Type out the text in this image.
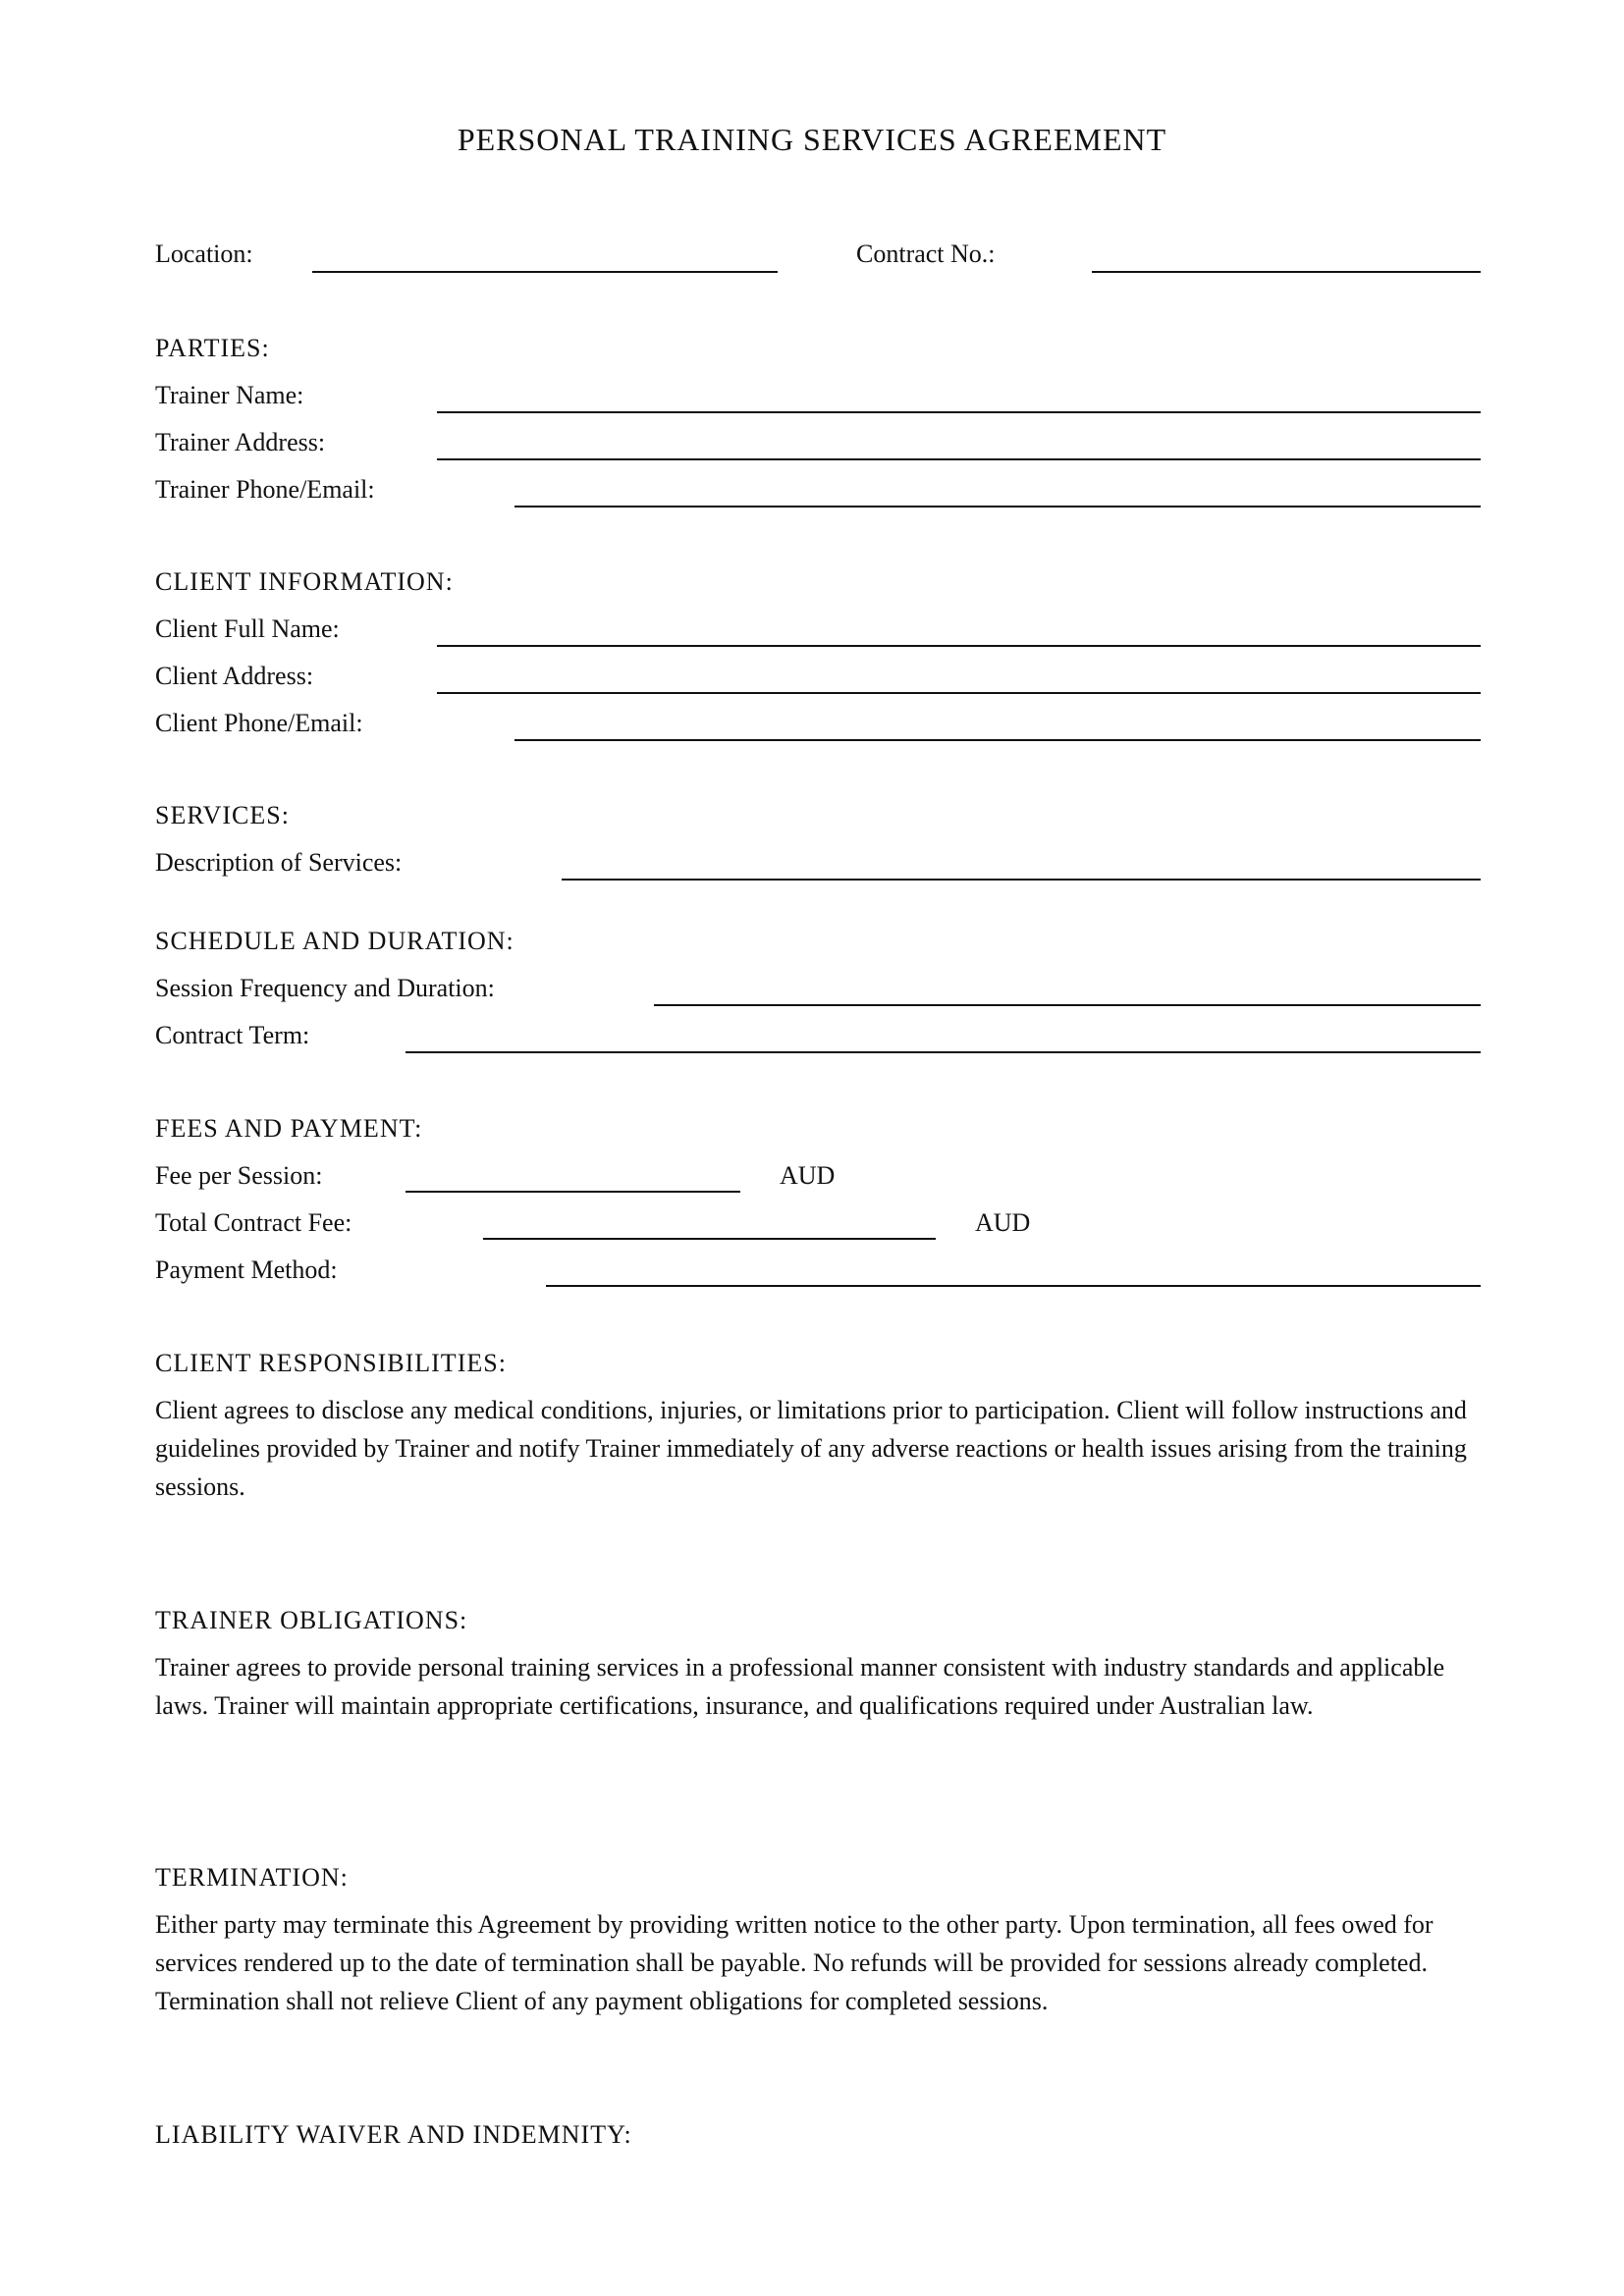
PERSONAL TRAINING SERVICES AGREEMENT
Location:	Contract No.:
PARTIES:
Trainer Name:
Trainer Address:
Trainer Phone/Email:
CLIENT INFORMATION:
Client Full Name:
Client Address:
Client Phone/Email:
SERVICES:
Description of Services:
SCHEDULE AND DURATION:
Session Frequency and Duration:
Contract Term:
FEES AND PAYMENT:
Fee per Session:	AUD
Total Contract Fee:	AUD
Payment Method:
CLIENT RESPONSIBILITIES:

Client agrees to disclose any medical conditions, injuries, or limitations prior to participation. Client will follow instructions and guidelines provided by Trainer and notify Trainer immediately of any adverse reactions or health issues arising from the training sessions.

TRAINER OBLIGATIONS:

Trainer agrees to provide personal training services in a professional manner consistent with industry standards and applicable laws. Trainer will maintain appropriate certifications, insurance, and qualifications required under Australian law.

TERMINATION:

Either party may terminate this Agreement by providing written notice to the other party. Upon termination, all fees owed for services rendered up to the date of termination shall be payable. No refunds will be provided for sessions already completed. Termination shall not relieve Client of any payment obligations for completed sessions.

LIABILITY WAIVER AND INDEMNITY:
